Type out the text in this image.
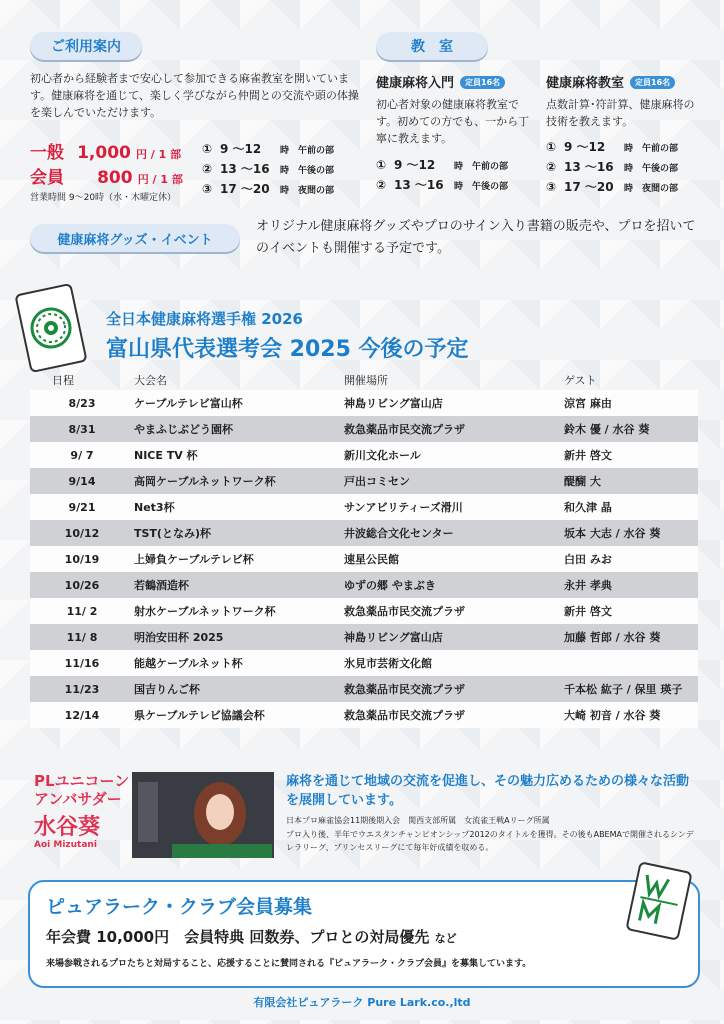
ご利用案内
初心者から経験者まで安心して参加できる麻雀教室を開いています。健康麻将を通じて、楽しく学びながら仲間との交流や頭の体操を楽しんでいただけます。
一般 1,000 円 / 1 部
会員 800 円 / 1 部
営業時間 9～20時（水・木曜定休）
①9 ～12 時 午前の部
② 13 ～16 時 午後の部
③ 17 ～20 時 夜間の部
教　室
健康麻将入門 定員16名
初心者対象の健康麻将教室です。初めての方でも、一から丁寧に教えます。
①9 ～12 時 午前の部
② 13 ～16 時 午後の部
健康麻将教室 定員16名
点数計算･符計算、健康麻将の技術を教えます。
①9 ～12 時 午前の部
② 13 ～16 時 午後の部
③ 17 ～20 時 夜間の部
健康麻将グッズ・イベント
オリジナル健康麻将グッズやプロのサイン入り書籍の販売や、プロを招いてのイベントも開催する予定です。
全日本健康麻将選手権 2026
富山県代表選考会 2025 今後の予定
日程	大会名	開催場所	ゲスト
8/23	ケーブルテレビ富山杯	神島リビング富山店	涼宮 麻由
8/31	やまふじぶどう園杯	救急薬品市民交流プラザ	鈴木 優 / 水谷 葵
9/ 7	NICE TV 杯	新川文化ホール	新井 啓文
9/14	高岡ケーブルネットワーク杯	戸出コミセン	醍醐 大
9/21	Net3杯	サンアビリティーズ滑川	和久津 晶
10/12	TST(となみ)杯	井波総合文化センター	坂本 大志 / 水谷 葵
10/19	上婦負ケーブルテレビ杯	速星公民館	白田 みお
10/26	若鶴酒造杯	ゆずの郷 やまぶき	永井 孝典
11/ 2	射水ケーブルネットワーク杯	救急薬品市民交流プラザ	新井 啓文
11/ 8	明治安田杯 2025	神島リビング富山店	加藤 哲郎 / 水谷 葵
11/16	能越ケーブルネット杯	氷見市芸術文化館	
11/23	国吉りんご杯	救急薬品市民交流プラザ	千本松 紘子 / 保里 瑛子
12/14	県ケーブルテレビ協議会杯	救急薬品市民交流プラザ	大崎 初音 / 水谷 葵
PLユニコーン
アンバサダー
水谷葵
Aoi Mizutani
麻将を通じて地域の交流を促進し、その魅力広めるための様々な活動を展開しています。
日本プロ麻雀協会11期後期入会　関西支部所属　女流雀王戦Aリーグ所属
プロ入り後、半年でウエスタンチャンピオンシップ2012のタイトルを獲得。その後もABEMAで開催されるシンデレラリーグ、プリンセスリーグにて毎年好成績を収める。
ピュアラーク・クラブ会員募集
年会費 10,000円　会員特典 回数券、プロとの対局優先 など
来場参戦されるプロたちと対局すること、応援することに賛同される『ピュアラーク・クラブ会員』を募集しています。
有限会社ピュアラーク Pure Lark.co.,ltd
